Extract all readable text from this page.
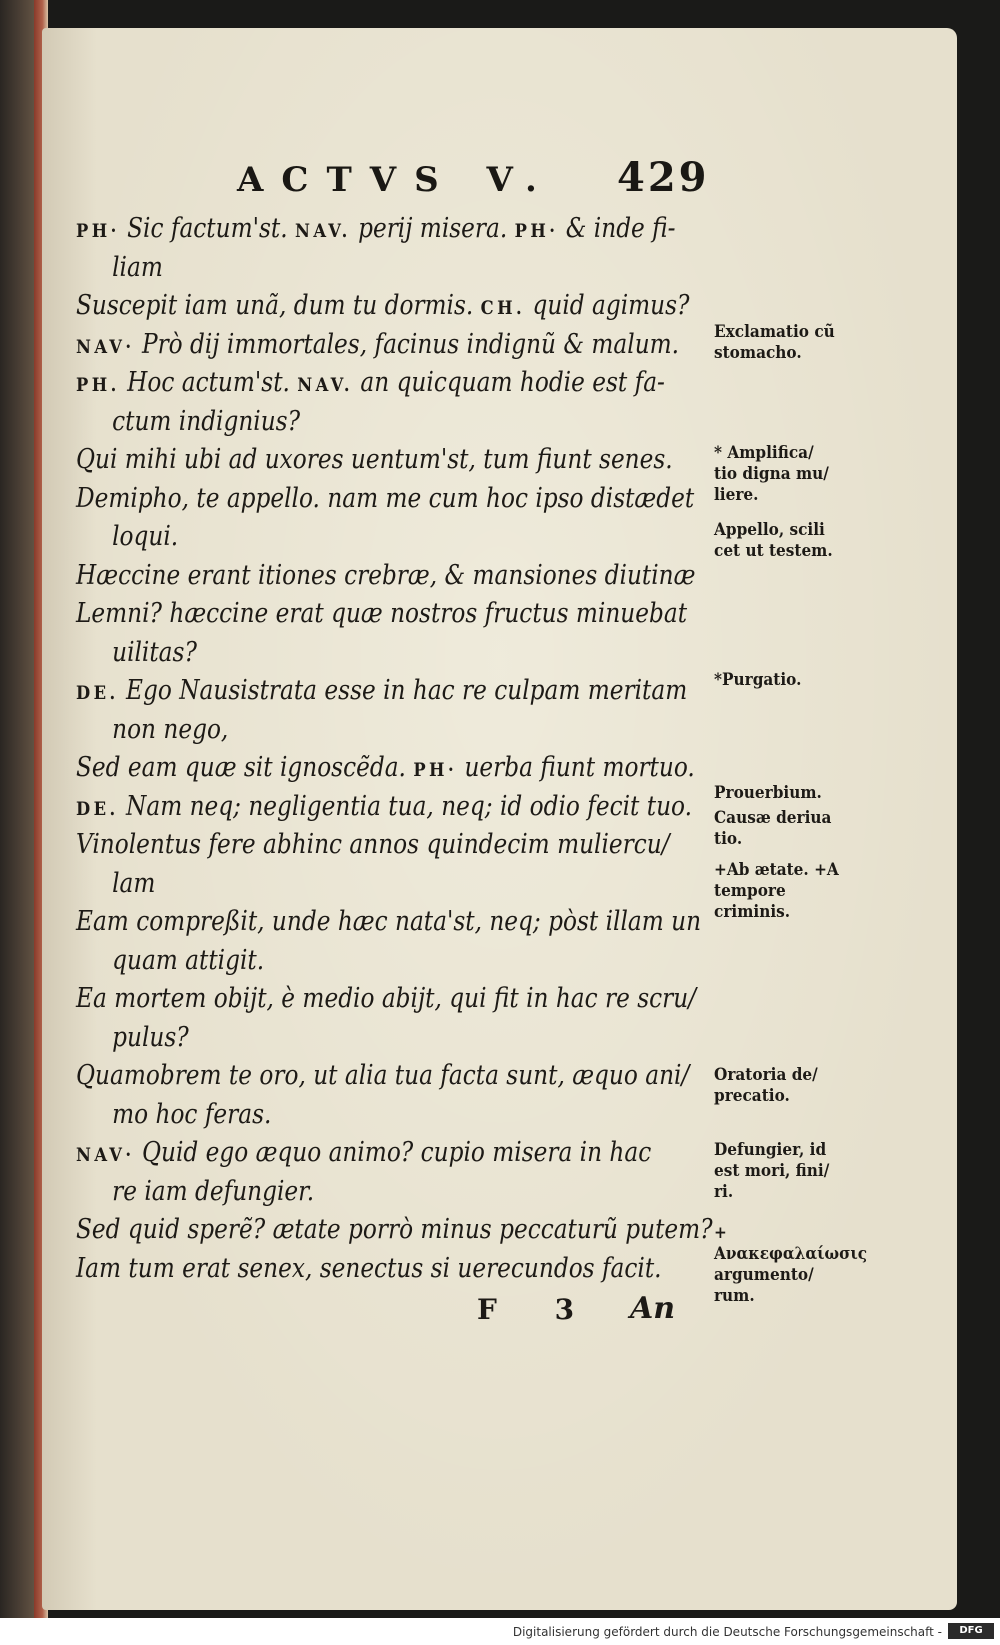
ACTVS V. 429
PH· Sic factum'st. NAV. perij misera. PH· & inde fi-
liam
Suscepit iam unã, dum tu dormis. CH. quid agimus?
NAV· Prò dij immortales, facinus indignũ & malum.
PH. Hoc actum'st. NAV. an quicquam hodie est fa-
ctum indignius?
Qui mihi ubi ad uxores uentum'st, tum fiunt senes.
Demipho, te appello. nam me cum hoc ipso distædet
loqui.
Hæccine erant itiones crebræ, & mansiones diutinæ
Lemni? hæccine erat quæ nostros fructus minuebat
uilitas?
DE. Ego Nausistrata esse in hac re culpam meritam
non nego,
Sed eam quæ sit ignoscẽda. PH· uerba fiunt mortuo.
DE. Nam neq; negligentia tua, neq; id odio fecit tuo.
Vinolentus fere abhinc annos quindecim muliercu/
lam
Eam compreßit, unde hæc nata'st, neq; pòst illam un
quam attigit.
Ea mortem obijt, è medio abijt, qui fit in hac re scru/
pulus?
Quamobrem te oro, ut alia tua facta sunt, æquo ani/
mo hoc feras.
NAV· Quid ego æquo animo? cupio misera in hac
re iam defungier.
Sed quid sperẽ? ætate porrò minus peccaturũ putem?
Iam tum erat senex, senectus si uerecundos facit.
Exclamatio cũ stomacho.
* Amplifica/ tio digna mu/ liere.
Appello, scili cet ut testem.
*Purgatio.
Prouerbium.
Causæ deriua tio.
+Ab ætate. +A tempore criminis.
Oratoria de/ precatio.
Defungier, id est mori, fini/ ri.
+ Ανακεφαλαίωσις argumento/ rum.
F 3 An
Digitalisierung gefördert durch die Deutsche Forschungsgemeinschaft -	DFG
